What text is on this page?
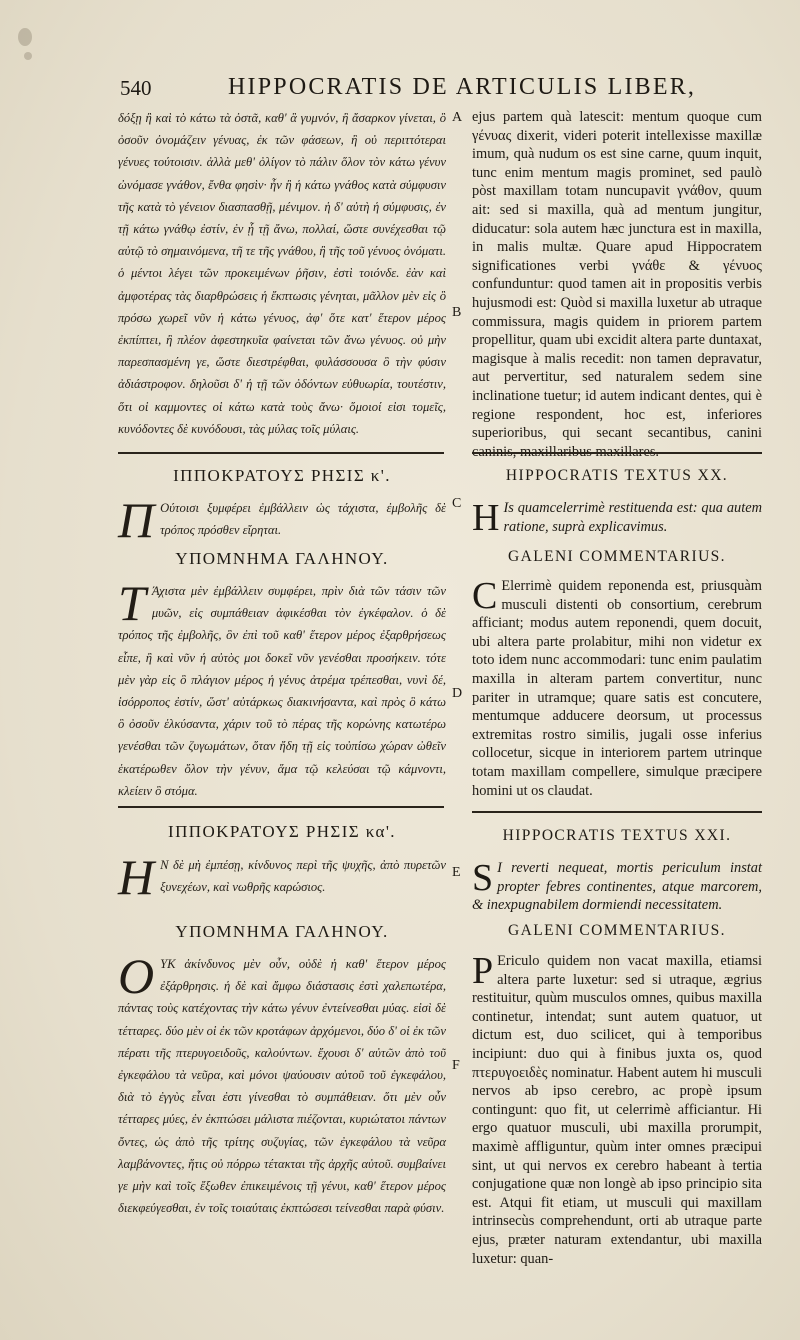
540	HIPPOCRATIS DE ARTICULIS LIBER,

δόξῃ ἢ καὶ τὸ κάτω τὰ ὀστᾶ, καθ' ἃ γυμνόν, ἢ ἄσαρκον γίνεται, ὃ ὀσοῦν ὀνομάζειν γένυας, ἐκ τῶν φάσεων, ἢ οὐ περιττότεραι γένυες τούτοισιν. ἀλλὰ μεθ' ὀλίγον τὸ πάλιν ὅλον τὸν κάτω γένυν ὠνόμασε γνάθον, ἔνθα φησὶν· ἦν ἢ ἡ κάτω γνάθος κατὰ σύμφυσιν τῆς κατὰ τὸ γένειον διασπασθῇ, μένιμον. ἡ δ' αὐτὴ ἡ σύμφυσις, ἐν τῇ κάτω γνάθῳ ἐστίν, ἐν ᾗ τῇ ἄνω, πολλαί, ὥστε συνέχεσθαι τῷ αὐτῷ τὸ σημαινόμενα, τῆ τε τῆς γνάθου, ἢ τῆς τοῦ γένυος ὀνόματι. ὁ μέντοι λέγει τῶν προκειμένων ῥῆσιν, ἐστὶ τοιόνδε. ἐὰν καὶ ἀμφοτέρας τὰς διαρθρώσεις ἡ ἔκπτωσις γένηται, μᾶλλον μὲν εἰς ὃ πρόσω χωρεῖ νῦν ἡ κάτω γένυος, ἀφ' ὅτε κατ' ἕτερον μέρος ἐκπίπτει, ἢ πλέον ἀφεστηκυῖα φαίνεται τῶν ἄνω γένυος. οὐ μὴν παρεσπασμένη γε, ὥστε διεστρέφθαι, φυλάσσουσα ὃ τὴν φύσιν ἀδιάστροφον. δηλοῦσι δ' ἡ τῇ τῶν ὀδόντων εὐθυωρία, τουτέστιν, ὅτι οἱ καμμοντες οἱ κάτω κατὰ τοὺς ἄνω· ὅμοιοί εἰσι τομεῖς, κυνόδοντες δὲ κυνόδουσι, τὰς μύλας τοῖς μύλαις.

ΙΠΠΟΚΡΑΤΟΥΣ ΡΗΣΙΣ κ'.
Π Ούτοισι ξυμφέρει ἐμβάλλειν ὡς τάχιστα, ἐμβολῆς δὲ τρόπος πρόσθεν εἴρηται.

ΥΠΟΜΝΗΜΑ ΓΑΛΗΝΟΥ.
Τ Άχιστα μὲν ἐμβάλλειν συμφέρει, πρὶν διὰ τῶν τάσιν τῶν μυῶν, εἰς συμπάθειαν ἀφικέσθαι τὸν ἐγκέφαλον. ὁ δὲ τρόπος τῆς ἐμβολῆς, ὃν ἐπὶ τοῦ καθ' ἕτερον μέρος ἐξαρθρήσεως εἶπε, ἢ καὶ νῦν ἡ αὐτὸς μοι δοκεῖ νῦν γενέσθαι προσήκειν. τότε μὲν γὰρ εἰς ὃ πλάγιον μέρος ἡ γένυς ἀτρέμα τρέπεσθαι, νυνὶ δέ, ἰσόρροπος ἐστίν, ὥστ' αὐτάρκως διακινήσαντα, καὶ πρὸς ὃ κάτω ὃ ὀσοῦν ἑλκύσαντα, χάριν τοῦ τὸ πέρας τῆς κορώνης κατωτέρω γενέσθαι τῶν ζυγωμάτων, ὅταν ἤδη τῇ εἰς τοὐπίσω χώραν ὠθεῖν ἑκατέρωθεν ὅλον τὴν γένυν, ἅμα τῷ κελεύσαι τῷ κάμνοντι, κλείειν ὃ στόμα.

ΙΠΠΟΚΡΑΤΟΥΣ ΡΗΣΙΣ κα'.
Η Ν δὲ μὴ ἐμπέσῃ, κίνδυνος περὶ τῆς ψυχῆς, ἀπὸ πυρετῶν ξυνεχέων, καὶ νωθρῆς καρώσιος.

ΥΠΟΜΝΗΜΑ ΓΑΛΗΝΟΥ.
Ο ΥΚ ἀκίνδυνος μὲν οὖν, οὐδὲ ἡ καθ' ἕτερον μέρος ἐξάρθρησις. ἡ δὲ καὶ ἄμφω διάστασις ἐστὶ χαλεπωτέρα, πάντας τοὺς κατέχοντας τὴν κάτω γένυν ἐντείνεσθαι μύας. εἰσὶ δὲ τέτταρες. δύο μὲν οἱ ἐκ τῶν κροτάφων ἀρχόμενοι, δύο δ' οἱ ἐκ τῶν πέρατι τῆς πτερυγοειδοῦς, καλούντων. ἔχουσι δ' αὐτῶν ἀπὸ τοῦ ἐγκεφάλου τὰ νεῦρα, καὶ μόνοι ψαύουσιν αὐτοῦ τοῦ ἐγκεφάλου, διὰ τὸ ἐγγὺς εἶναι ἐστι γίνεσθαι τὸ συμπάθειαν. ὅτι μὲν οὖν τέτταρες μύες, ἐν ἐκπτώσει μάλιστα πιέζονται, κυριώτατοι πάντων ὄντες, ὡς ἀπὸ τῆς τρίτης συζυγίας, τῶν ἐγκεφάλου τὰ νεῦρα λαμβάνοντες, ἥτις οὐ πόρρω τέτακται τῆς ἀρχῆς αὐτοῦ. συμβαίνει γε μὴν καὶ τοῖς ἔξωθεν ἐπικειμένοις τῇ γένυι, καθ' ἕτερον μέρος διεκφεύγεσθαι, ἐν τοῖς τοιαύταις ἐκπτώσεσι τείνεσθαι παρὰ φύσιν.

A
B
C
D
E
F

ejus partem quà latescit: mentum quoque cum γένυας dixerit, videri poterit intellexisse maxillæ imum, quà nudum os est sine carne, quum inquit, tunc enim mentum magis prominet, sed paulò pòst maxillam totam nuncupavit γνάθον, quum ait: sed si maxilla, quà ad mentum jungitur, diducatur: sola autem hæc junctura est in maxilla, in malis multæ. Quare apud Hippocratem significationes verbi γνάθε & γένυος confunduntur: quod tamen ait in propositis verbis hujusmodi est: Quòd si maxilla luxetur ab utraque commissura, magis quidem in priorem partem propellitur, quam ubi excidit altera parte duntaxat, magisque à malis recedit: non tamen depravatur, aut pervertitur, sed naturalem sedem sine inclinatione tuetur; id autem indicant dentes, qui è regione respondent, hoc est, inferiores superioribus, qui secant secantibus, canini

HIPPOCRATIS TEXTUS XX.
H Is quamcelerrimè restituenda est: qua autem ratione, suprà explicavimus.

GALENI COMMENTARIUS.
C Elerrimè quidem reponenda est, priusquàm musculi distenti ob consortium, cerebrum afficiant; modus autem reponendi, quem docuit, ubi altera parte prolabitur, mihi non videtur ex toto idem nunc accommodari: tunc enim paulatim maxilla in alteram partem convertitur, nunc pariter in utramque; quare satis est concutere, mentumque adducere deorsum, ut processus extremitas rostro similis, jugali osse inferius collocetur, sicque in interiorem partem utrinque totam maxillam compellere, simulque præcipere homini ut os claudat.

HIPPOCRATIS TEXTUS XXI.
S I reverti nequeat, mortis periculum instat propter febres continentes, atque marcorem, & inexpugnabilem dormiendi necessitatem.

GALENI COMMENTARIUS.
P Ericulo quidem non vacat maxilla, etiamsi altera parte luxetur: sed si utraque, ægrius restituitur, quùm musculos omnes, quibus maxilla continetur, intendat; sunt autem quatuor, ut dictum est, duo scilicet, qui à temporibus incipiunt: duo qui à finibus juxta os, quod πτερυγοειδὲς nominatur. Habent autem hi musculi nervos ab ipso cerebro, ac propè ipsum contingunt: quo fit, ut celerrimè afficiantur. Hi ergo quatuor musculi, ubi maxilla prorumpit, maximè affliguntur, quùm inter omnes præcipui sint, ut qui nervos ex cerebro habeant à tertia conjugatione quæ non longè ab ipso principio sita est. Atqui fit etiam, ut musculi qui maxillam intrinsecùs comprehendunt, orti ab utraque parte ejus, præter naturam extendantur, ubi maxilla luxetur: quan-
